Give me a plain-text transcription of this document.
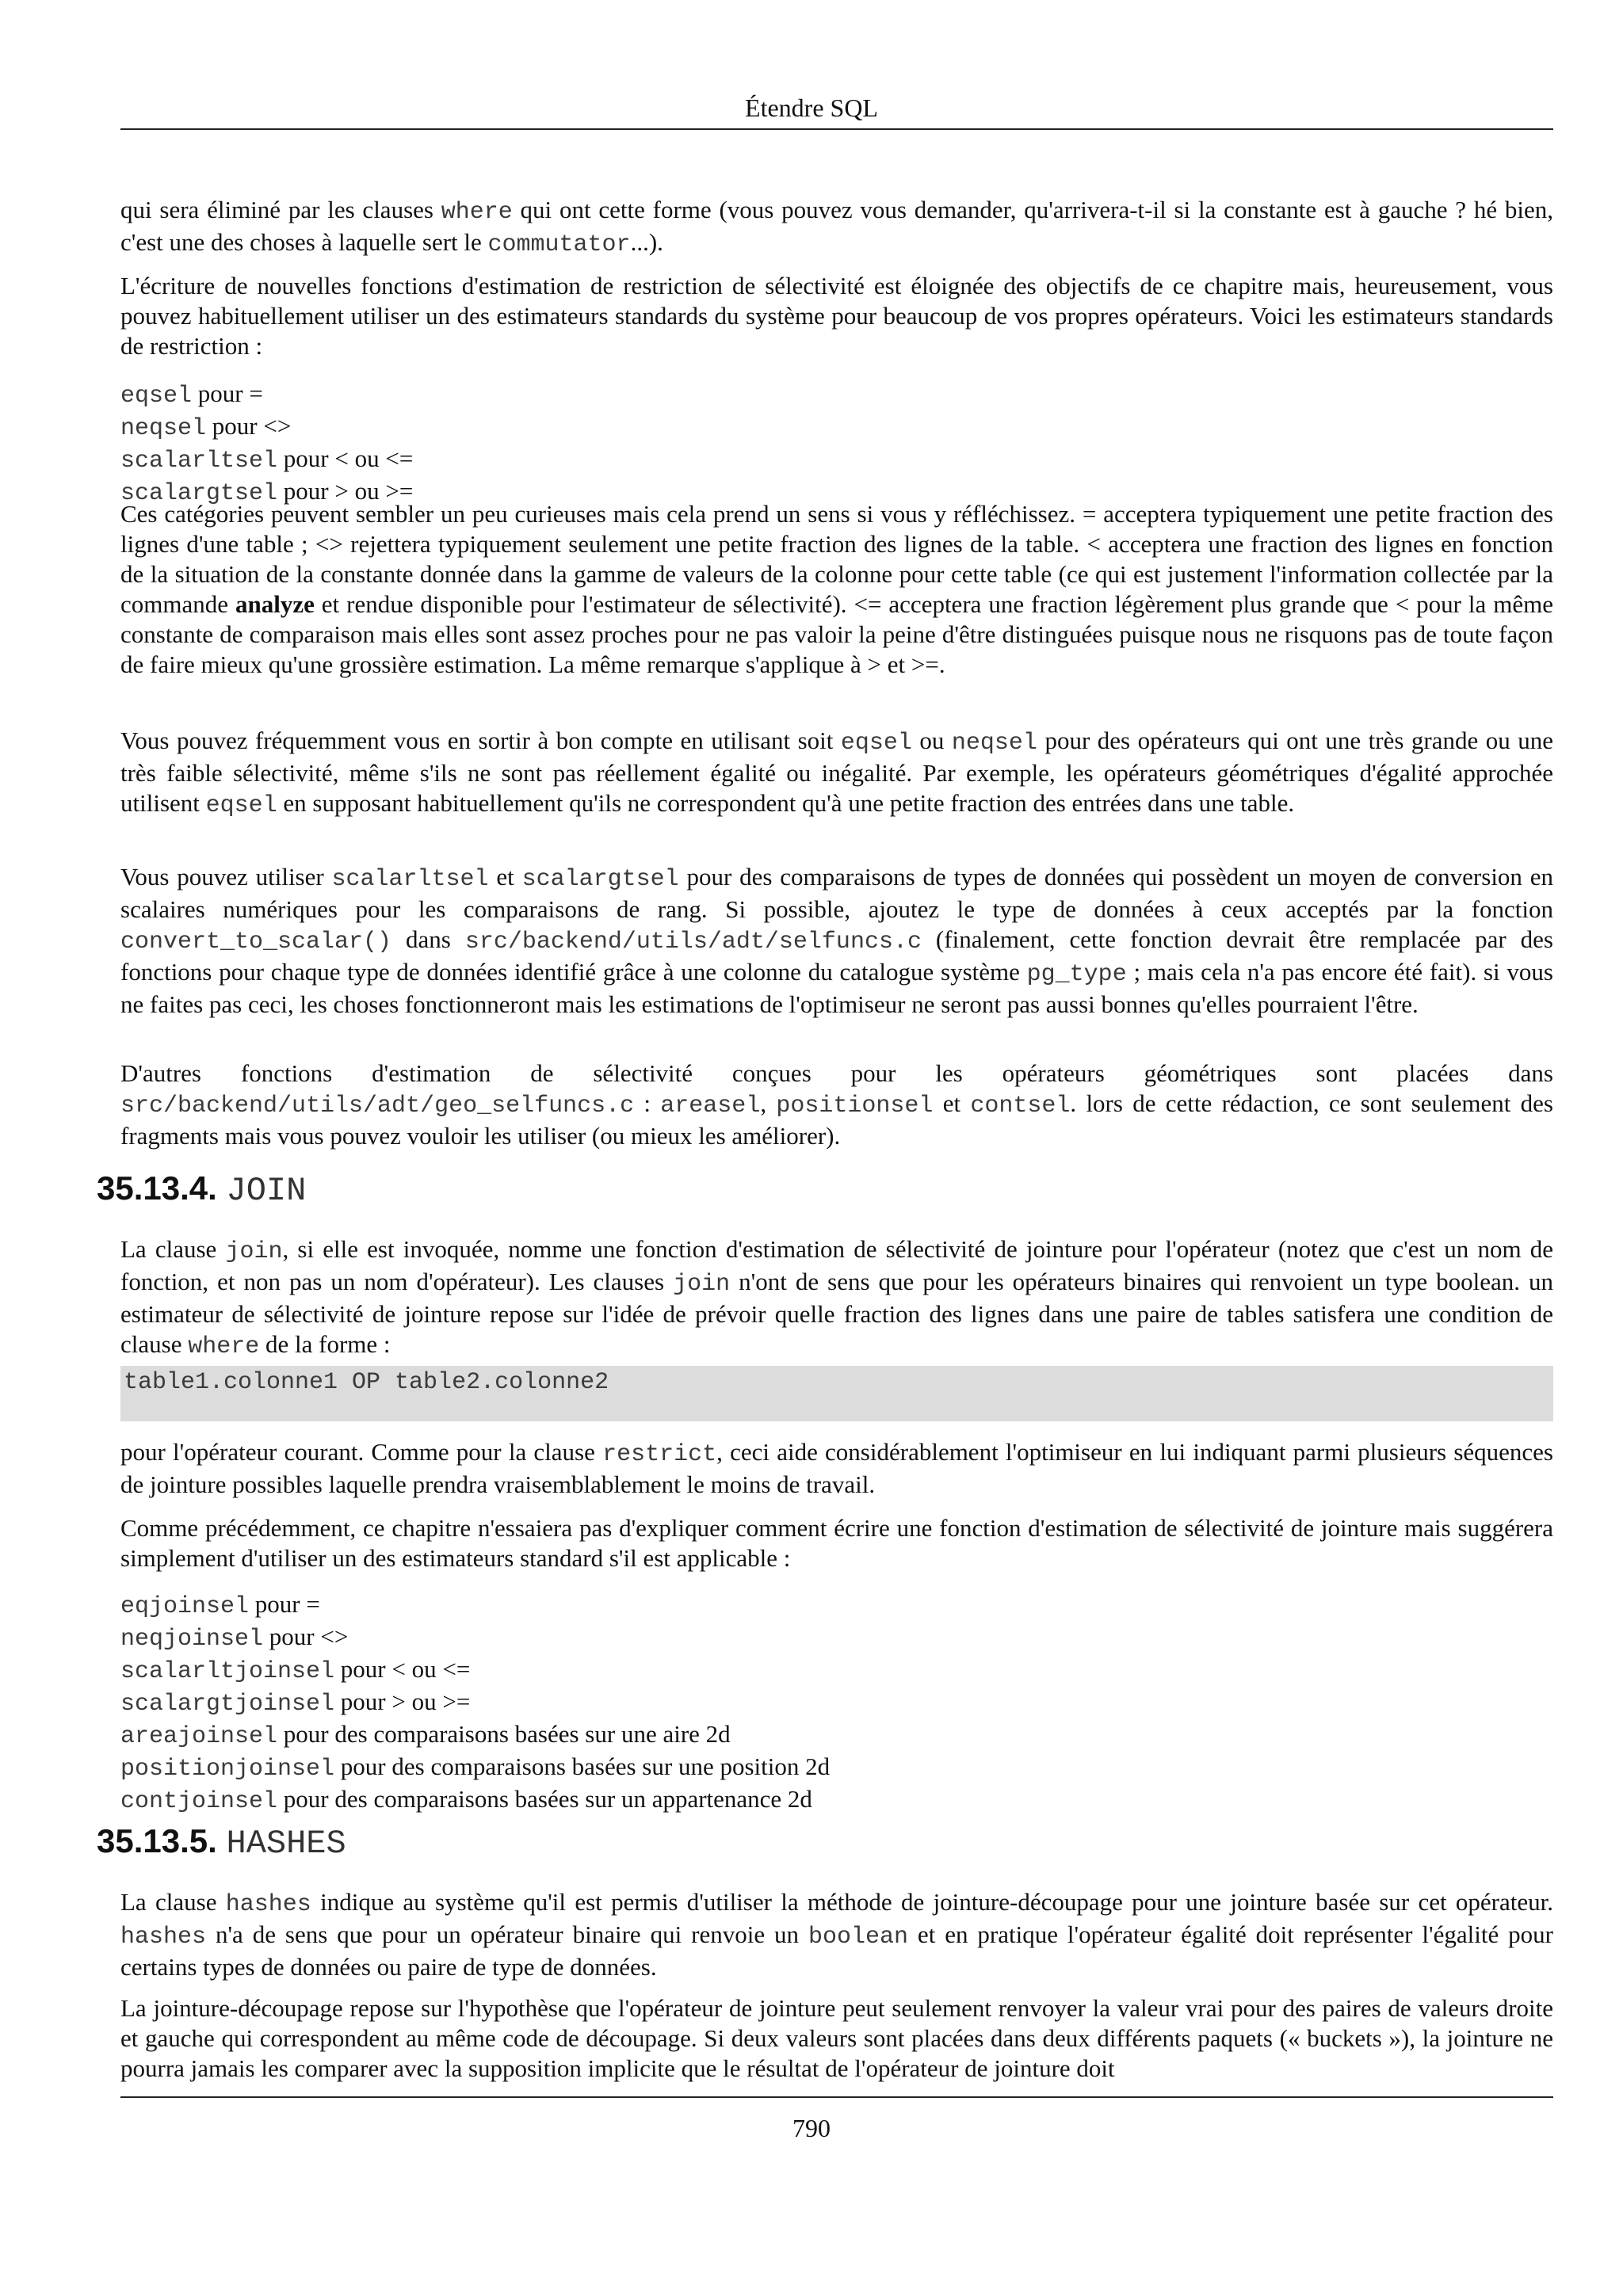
Étendre SQL

qui sera éliminé par les clauses where qui ont cette forme (vous pouvez vous demander, qu'arrivera-t-il si la constante est à gauche ? hé bien, c'est une des choses à laquelle sert le commutator...).

L'écriture de nouvelles fonctions d'estimation de restriction de sélectivité est éloignée des objectifs de ce chapitre mais, heureusement, vous pouvez habituellement utiliser un des estimateurs standards du système pour beaucoup de vos propres opérateurs. Voici les estimateurs standards de restriction :
eqsel pour =
neqsel pour <>
scalarltsel pour < ou <=
scalargtsel pour > ou >=

Ces catégories peuvent sembler un peu curieuses mais cela prend un sens si vous y réfléchissez. = acceptera typiquement une petite fraction des lignes d'une table ; <> rejettera typiquement seulement une petite fraction des lignes de la table. < acceptera une fraction des lignes en fonction de la situation de la constante donnée dans la gamme de valeurs de la colonne pour cette table (ce qui est justement l'information collectée par la commande analyze et rendue disponible pour l'estimateur de sélectivité). <= acceptera une fraction légèrement plus grande que < pour la même constante de comparaison mais elles sont assez proches pour ne pas valoir la peine d'être distinguées puisque nous ne risquons pas de toute façon de faire mieux qu'une grossière estimation. La même remarque s'applique à > et >=.

Vous pouvez fréquemment vous en sortir à bon compte en utilisant soit eqsel ou neqsel pour des opérateurs qui ont une très grande ou une très faible sélectivité, même s'ils ne sont pas réellement égalité ou inégalité. Par exemple, les opérateurs géométriques d'égalité approchée utilisent eqsel en supposant habituellement qu'ils ne correspondent qu'à une petite fraction des entrées dans une table.

Vous pouvez utiliser scalarltsel et scalargtsel pour des comparaisons de types de données qui possèdent un moyen de conversion en scalaires numériques pour les comparaisons de rang. Si possible, ajoutez le type de données à ceux acceptés par la fonction convert_to_scalar() dans src/backend/utils/adt/selfuncs.c (finalement, cette fonction devrait être remplacée par des fonctions pour chaque type de données identifié grâce à une colonne du catalogue système pg_type ; mais cela n'a pas encore été fait). si vous ne faites pas ceci, les choses fonctionneront mais les estimations de l'optimiseur ne seront pas aussi bonnes qu'elles pourraient l'être.

D'autres fonctions d'estimation de sélectivité conçues pour les opérateurs géométriques sont placées dans src/backend/utils/adt/geo_selfuncs.c : areasel, positionsel et contsel. lors de cette rédaction, ce sont seulement des fragments mais vous pouvez vouloir les utiliser (ou mieux les améliorer).

35.13.4. JOIN

La clause join, si elle est invoquée, nomme une fonction d'estimation de sélectivité de jointure pour l'opérateur (notez que c'est un nom de fonction, et non pas un nom d'opérateur). Les clauses join n'ont de sens que pour les opérateurs binaires qui renvoient un type boolean. un estimateur de sélectivité de jointure repose sur l'idée de prévoir quelle fraction des lignes dans une paire de tables satisfera une condition de clause where de la forme :

table1.colonne1 OP table2.colonne2

pour l'opérateur courant. Comme pour la clause restrict, ceci aide considérablement l'optimiseur en lui indiquant parmi plusieurs séquences de jointure possibles laquelle prendra vraisemblablement le moins de travail.

Comme précédemment, ce chapitre n'essaiera pas d'expliquer comment écrire une fonction d'estimation de sélectivité de jointure mais suggérera simplement d'utiliser un des estimateurs standard s'il est applicable :
eqjoinsel pour =
neqjoinsel pour <>
scalarltjoinsel pour < ou <=
scalargtjoinsel pour > ou >=
areajoinsel pour des comparaisons basées sur une aire 2d
positionjoinsel pour des comparaisons basées sur une position 2d
contjoinsel pour des comparaisons basées sur un appartenance 2d
35.13.5. HASHES

La clause hashes indique au système qu'il est permis d'utiliser la méthode de jointure-découpage pour une jointure basée sur cet opérateur. hashes n'a de sens que pour un opérateur binaire qui renvoie un boolean et en pratique l'opérateur égalité doit représenter l'égalité pour certains types de données ou paire de type de données.

La jointure-découpage repose sur l'hypothèse que l'opérateur de jointure peut seulement renvoyer la valeur vrai pour des paires de valeurs droite et gauche qui correspondent au même code de découpage. Si deux valeurs sont placées dans deux différents paquets (« buckets »), la jointure ne pourra jamais les comparer avec la supposition implicite que le résultat de l'opérateur de jointure doit
790
